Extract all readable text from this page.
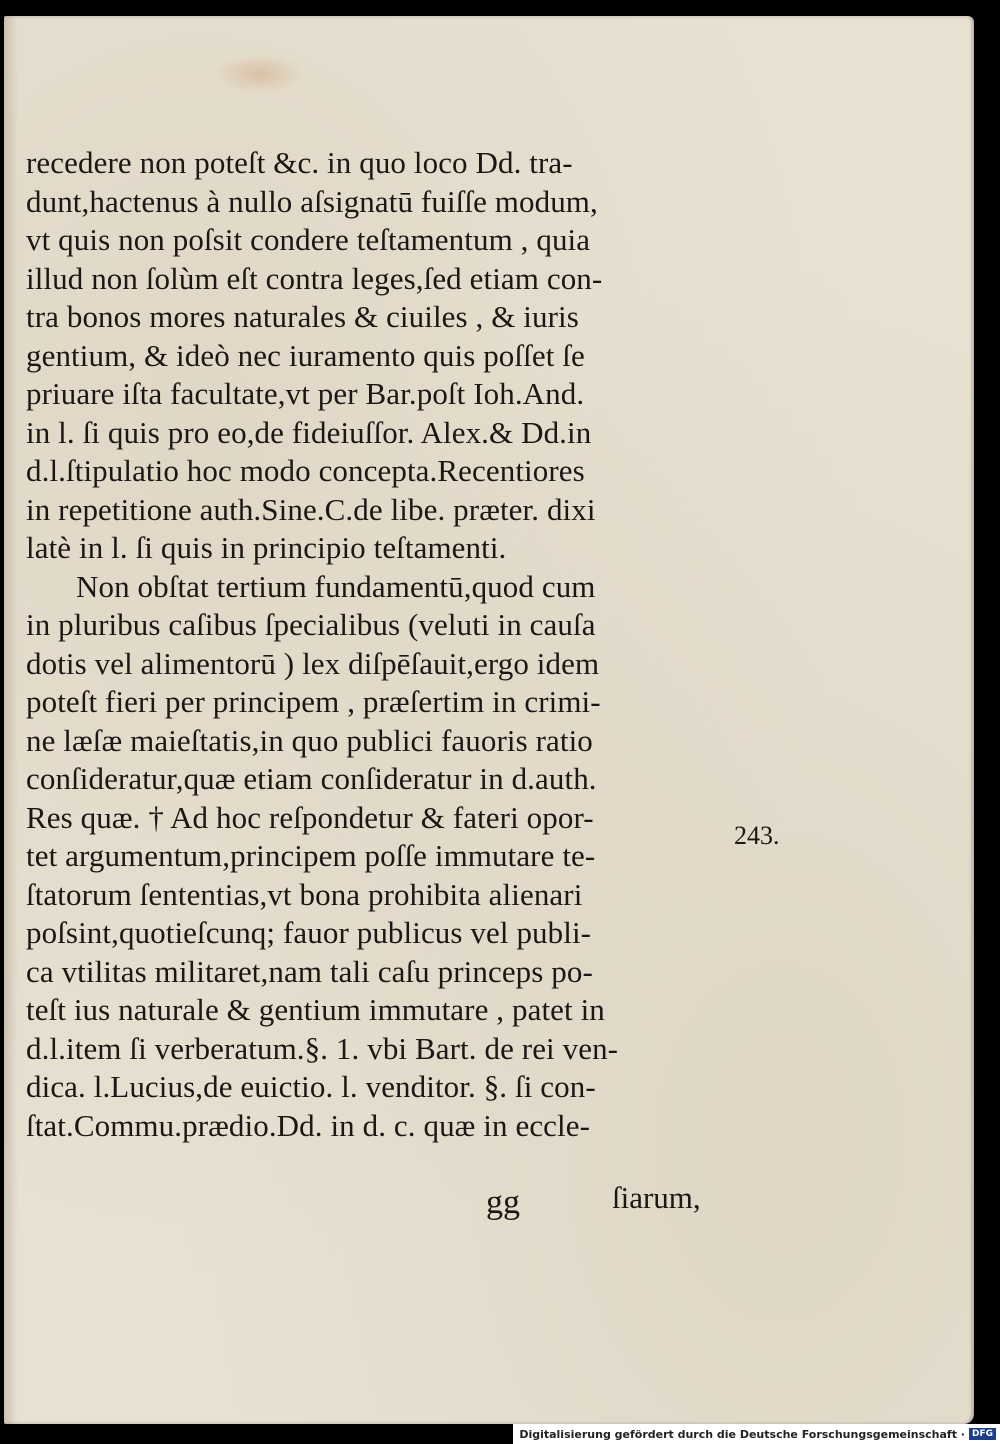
recedere non poteſt &c. in quo loco Dd. tra-
dunt,hactenus à nullo aſsignatū fuiſſe modum,
vt quis non poſsit condere teſtamentum , quia
illud non ſolùm eſt contra leges,ſed etiam con-
tra bonos mores naturales & ciuiles , & iuris
gentium, & ideò nec iuramento quis poſſet ſe
priuare iſta facultate,vt per Bar.poſt Ioh.And.
in l. ſi quis pro eo,de fideiuſſor. Alex.& Dd.in
d.l.ſtipulatio hoc modo concepta.Recentiores
in repetitione auth.Sine.C.de libe. præter. dixi
latè in l. ſi quis in principio teſtamenti.
Non obſtat tertium fundamentū,quod cum
in pluribus caſibus ſpecialibus (veluti in cauſa
dotis vel alimentorū ) lex diſpēſauit,ergo idem
poteſt fieri per principem , præſertim in crimi-
ne læſæ maieſtatis,in quo publici fauoris ratio
conſideratur,quæ etiam conſideratur in d.auth.
Res quæ. † Ad hoc reſpondetur & fateri opor-
tet argumentum,principem poſſe immutare te-
ſtatorum ſententias,vt bona prohibita alienari
poſsint,quotieſcunq; fauor publicus vel publi-
ca vtilitas militaret,nam tali caſu princeps po-
teſt ius naturale & gentium immutare , patet in
d.l.item ſi verberatum.§. 1. vbi Bart. de rei ven-
dica. l.Lucius,de euictio. l. venditor. §. ſi con-
ſtat.Commu.prædio.Dd. in d. c. quæ in eccle-
243.
gg	ſiarum,
Digitalisierung gefördert durch die Deutsche Forschungsgemeinschaft · DFG
